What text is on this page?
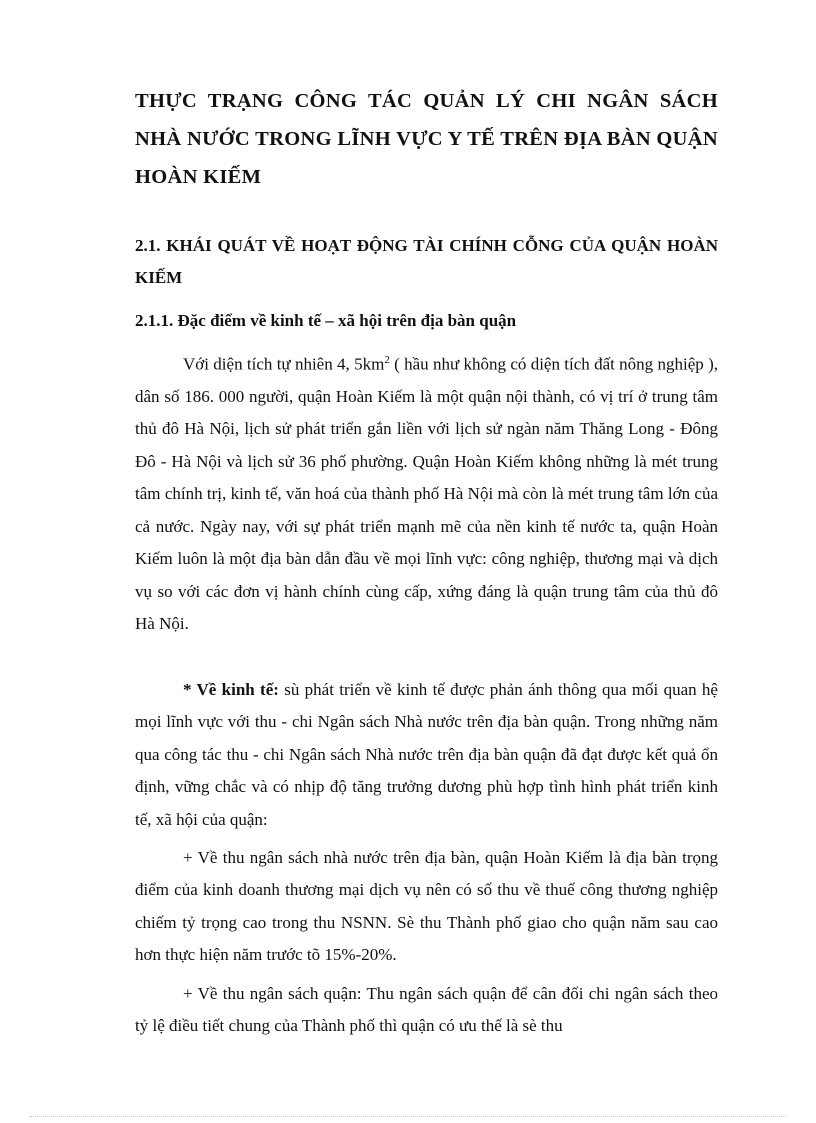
THỰC TRẠNG CÔNG TÁC QUẢN LÝ CHI NGÂN SÁCH NHÀ NƯỚC TRONG LĨNH VỰC Y TẾ TRÊN ĐỊA BÀN QUẬN HOÀN KIẾM
2.1. KHÁI QUÁT VỀ HOẠT ĐỘNG TÀI CHÍNH CỖNG CỦA QUẬN HOÀN KIẾM
2.1.1. Đặc điểm về kinh tế – xã hội trên địa bàn quận

Với diện tích tự nhiên 4, $5km^2$ ( hầu như không có diện tích đất nông nghiệp ), dân số 186. 000 người, quận Hoàn Kiếm là một quận nội thành, có vị trí ở trung tâm thủ đô Hà Nội, lịch sử phát triển gắn liền với lịch sử ngàn năm Thăng Long - Đông Đô - Hà Nội và lịch sử 36 phố phường. Quận Hoàn Kiếm không những là mét trung tâm chính trị, kinh tế, văn hoá của thành phố Hà Nội mà còn là mét trung tâm lớn của cả nước. Ngày nay, với sự phát triển mạnh mẽ của nền kinh tế nước ta, quận Hoàn Kiếm luôn là một địa bàn dẫn đầu về mọi lĩnh vực: công nghiệp, thương mại và dịch vụ so với các đơn vị hành chính cùng cấp, xứng đáng là quận trung tâm của thủ đô Hà Nội.

* Về kinh tế: sù phát triển về kinh tế được phản ánh thông qua mối quan hệ mọi lĩnh vực với thu - chi Ngân sách Nhà nước trên địa bàn quận. Trong những năm qua công tác thu - chi Ngân sách Nhà nước trên địa bàn quận đã đạt được kết quả ổn định, vững chắc và có nhịp độ tăng trưởng dương phù hợp tình hình phát triển kinh tế, xã hội của quận:

+ Về thu ngân sách nhà nước trên địa bàn, quận Hoàn Kiếm là địa bàn trọng điểm của kinh doanh thương mại dịch vụ nên có số thu về thuế công thương nghiệp chiếm tỷ trọng cao trong thu NSNN. Sè thu Thành phố giao cho quận năm sau cao hơn thực hiện năm trước tõ 15%-20%.

+ Về thu ngân sách quận: Thu ngân sách quận để cân đối chi ngân sách theo tỷ lệ điều tiết chung của Thành phố thì quận có ưu thế là sè thu
